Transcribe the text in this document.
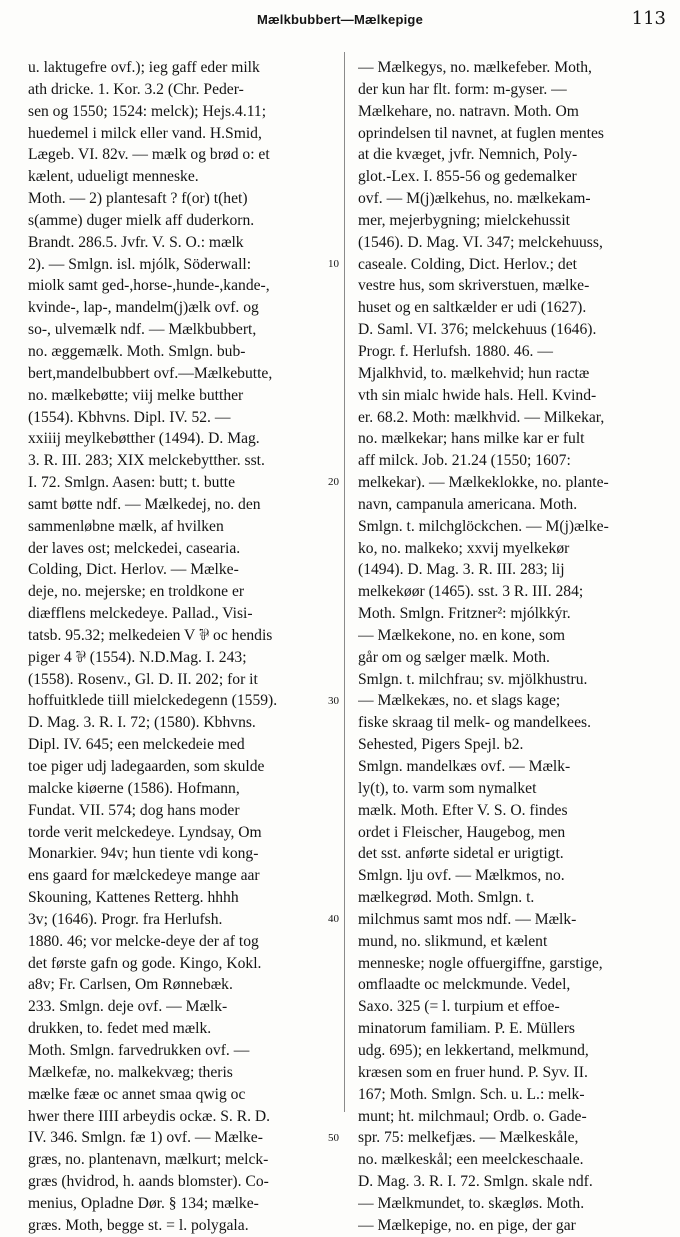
Mælkbubbert—Mælkepige	113
u. laktugefre ovf.); ieg gaff eder milk
ath dricke. 1. Kor. 3.2 (Chr. Peder-
sen og 1550; 1524: melck); Hejs.4.11;
huedemel i milck eller vand. H.Smid,
Lægeb. VI. 82v. — mælk og brød o: et
kælent, udueligt menneske.
Moth. — 2) plantesaft ? f(or) t(het)
s(amme) duger mielk aff duderkorn.
Brandt. 286.5. Jvfr. V. S. O.: mælk
2). — Smlgn. isl. mjólk, Söderwall:
miolk samt ged-,horse-,hunde-,kande-,
kvinde-, lap-, mandelm(j)ælk ovf. og
so-, ulvemælk ndf. — Mælkbubbert,
no. æggemælk. Moth. Smlgn. bub-
bert,mandelbubbert ovf.—Mælkebutte,
no. mælkebøtte; viij melke butther
(1554). Kbhvns. Dipl. IV. 52. —
xxiiij meylkebøtther (1494). D. Mag.
3. R. III. 283; XIX melckebytther. sst.
I. 72. Smlgn. Aasen: butt; t. butte
samt bøtte ndf. — Mælkedej, no. den
sammenløbne mælk, af hvilken
der laves ost; melckedei, casearia.
Colding, Dict. Herlov. — Mælke-
deje, no. mejerske; en troldkone er
diæfflens melckedeye. Pallad., Visi-
tatsb. 95.32; melkedeien V ⅌ oc hendis
piger 4 ⅌ (1554). N.D.Mag. I. 243;
(1558). Rosenv., Gl. D. II. 202; for it
hoffuitklede tiill mielckedegenn (1559).
D. Mag. 3. R. I. 72; (1580). Kbhvns.
Dipl. IV. 645; een melckedeie med
toe piger udj ladegaarden, som skulde
malcke kiøerne (1586). Hofmann,
Fundat. VII. 574; dog hans moder
torde verit melckedeye. Lyndsay, Om
Monarkier. 94v; hun tiente vdi kong-
ens gaard for mælckedeye mange aar
Skouning, Kattenes Retterg. hhhh
3v; (1646). Progr. fra Herlufsh.
1880. 46; vor melcke-deye der af tog
det første gafn og gode. Kingo, Kokl.
a8v; Fr. Carlsen, Om Rønnebæk.
233. Smlgn. deje ovf. — Mælk-
drukken, to. fedet med mælk.
Moth. Smlgn. farvedrukken ovf. —
Mælkefæ, no. malkekvæg; theris
mælke fææ oc annet smaa qwig oc
hwer there IIII arbeydis ockæ. S. R. D.
IV. 346. Smlgn. fæ 1) ovf. — Mælke-
græs, no. plantenavn, mælkurt; melck-
græs (hvidrod, h. aands blomster). Co-
menius, Opladne Dør. § 134; mælke-
græs. Moth, begge st. = l. polygala.
10
20
30
40
50
— Mælkegys, no. mælkefeber. Moth,
der kun har flt. form: m-gyser. —
Mælkehare, no. natravn. Moth. Om
oprindelsen til navnet, at fuglen mentes
at die kvæget, jvfr. Nemnich, Poly-
glot.-Lex. I. 855-56 og gedemalker
ovf. — M(j)ælkehus, no. mælkekam-
mer, mejerbygning; mielckehussit
(1546). D. Mag. VI. 347; melckehuuss,
caseale. Colding, Dict. Herlov.; det
vestre hus, som skriverstuen, mælke-
huset og en saltkælder er udi (1627).
D. Saml. VI. 376; melckehuus (1646).
Progr. f. Herlufsh. 1880. 46. —
Mjalkhvid, to. mælkehvid; hun ractæ
vth sin mialc hwide hals. Hell. Kvind-
er. 68.2. Moth: mælkhvid. — Milkekar,
no. mælkekar; hans milke kar er fult
aff milck. Job. 21.24 (1550; 1607:
melkekar). — Mælkeklokke, no. plante-
navn, campanula americana. Moth.
Smlgn. t. milchglöckchen. — M(j)ælke-
ko, no. malkeko; xxvij myelkekør
(1494). D. Mag. 3. R. III. 283; lij
melkekøør (1465). sst. 3 R. III. 284;
Moth. Smlgn. Fritzner²: mjólkkýr.
— Mælkekone, no. en kone, som
går om og sælger mælk. Moth.
Smlgn. t. milchfrau; sv. mjölkhustru.
— Mælkekæs, no. et slags kage;
fiske skraag til melk- og mandelkees.
Sehested, Pigers Spejl. b2.
Smlgn. mandelkæs ovf. — Mælk-
ly(t), to. varm som nymalket
mælk. Moth. Efter V. S. O. findes
ordet i Fleischer, Haugebog, men
det sst. anførte sidetal er urigtigt.
Smlgn. lju ovf. — Mælkmos, no.
mælkegrød. Moth. Smlgn. t.
milchmus samt mos ndf. — Mælk-
mund, no. slikmund, et kælent
menneske; nogle offuergiffne, garstige,
omflaadte oc melckmunde. Vedel,
Saxo. 325 (= l. turpium et effoe-
minatorum familiam. P. E. Müllers
udg. 695); en lekkertand, melkmund,
kræsen som en fruer hund. P. Syv. II.
167; Moth. Smlgn. Sch. u. L.: melk-
munt; ht. milchmaul; Ordb. o. Gade-
spr. 75: melkefjæs. — Mælkeskåle,
no. mælkeskål; een meelckeschaale.
D. Mag. 3. R. I. 72. Smlgn. skale ndf.
— Mælkmundet, to. skægløs. Moth.
— Mælkepige, no. en pige, der gar
